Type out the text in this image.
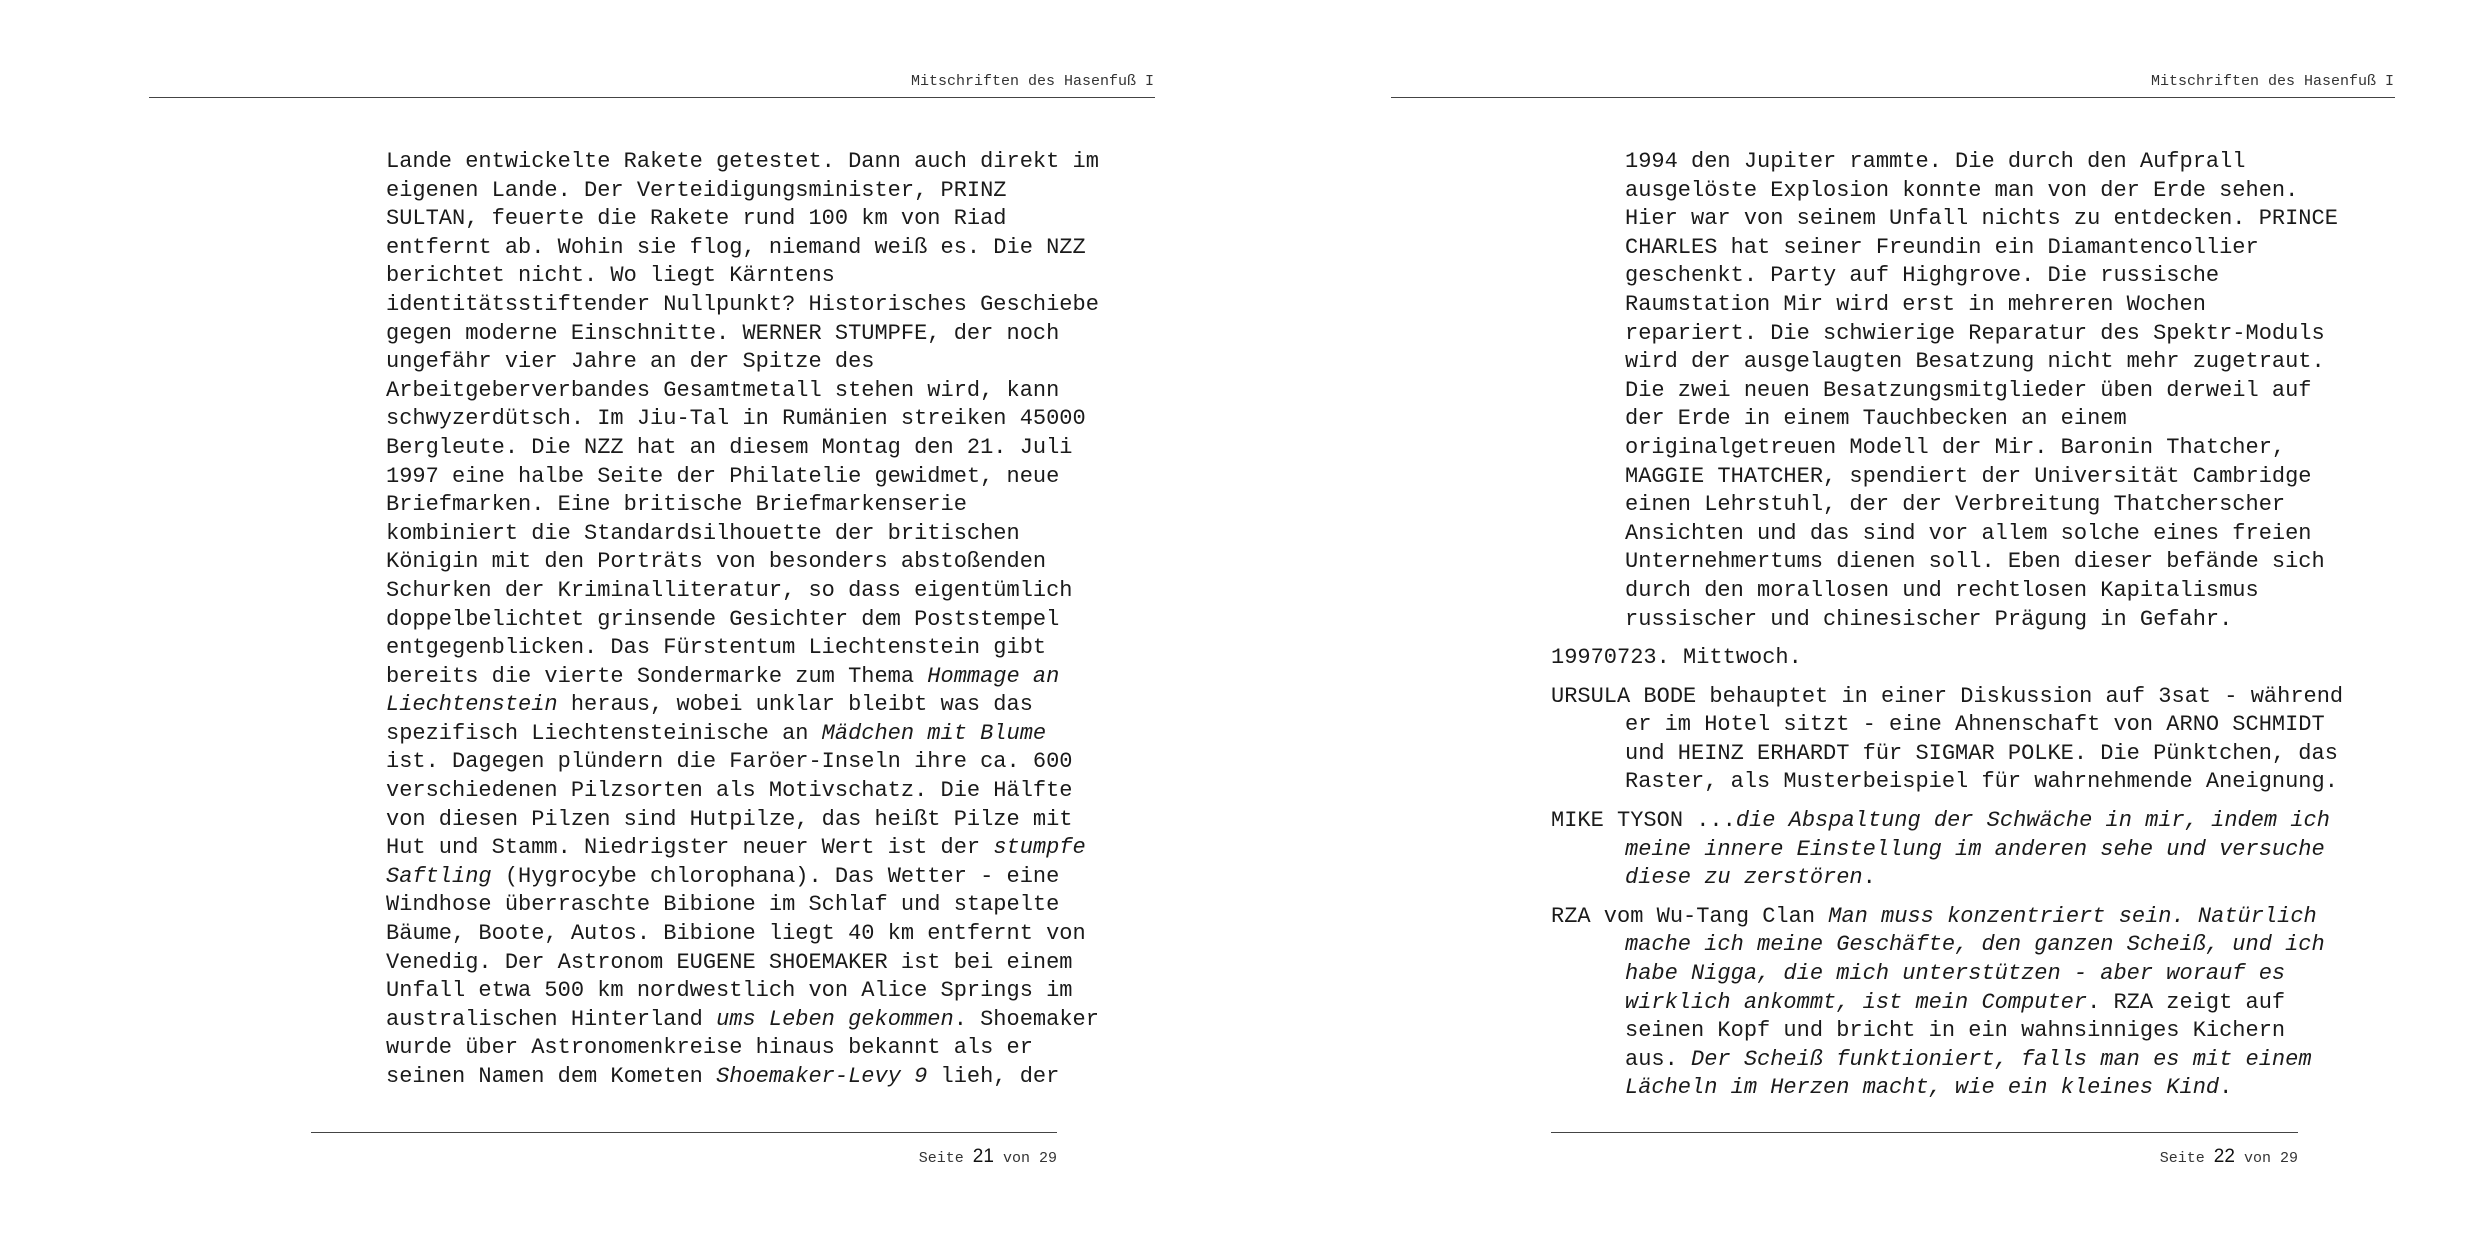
Mitschriften des Hasenfuß I
Lande entwickelte Rakete getestet. Dann auch direkt im
eigenen Lande. Der Verteidigungsminister, PRINZ
SULTAN, feuerte die Rakete rund 100 km von Riad
entfernt ab. Wohin sie flog, niemand weiß es. Die NZZ
berichtet nicht. Wo liegt Kärntens
identitätsstiftender Nullpunkt? Historisches Geschiebe
gegen moderne Einschnitte. WERNER STUMPFE, der noch
ungefähr vier Jahre an der Spitze des
Arbeitgeberverbandes Gesamtmetall stehen wird, kann
schwyzerdütsch. Im Jiu-Tal in Rumänien streiken 45000
Bergleute. Die NZZ hat an diesem Montag den 21. Juli
1997 eine halbe Seite der Philatelie gewidmet, neue
Briefmarken. Eine britische Briefmarkenserie
kombiniert die Standardsilhouette der britischen
Königin mit den Porträts von besonders abstoßenden
Schurken der Kriminalliteratur, so dass eigentümlich
doppelbelichtet grinsende Gesichter dem Poststempel
entgegenblicken. Das Fürstentum Liechtenstein gibt
bereits die vierte Sondermarke zum Thema Hommage an
Liechtenstein heraus, wobei unklar bleibt was das
spezifisch Liechtensteinische an Mädchen mit Blume
ist. Dagegen plündern die Faröer-Inseln ihre ca. 600
verschiedenen Pilzsorten als Motivschatz. Die Hälfte
von diesen Pilzen sind Hutpilze, das heißt Pilze mit
Hut und Stamm. Niedrigster neuer Wert ist der stumpfe
Saftling (Hygrocybe chlorophana). Das Wetter - eine
Windhose überraschte Bibione im Schlaf und stapelte
Bäume, Boote, Autos. Bibione liegt 40 km entfernt von
Venedig. Der Astronom EUGENE SHOEMAKER ist bei einem
Unfall etwa 500 km nordwestlich von Alice Springs im
australischen Hinterland ums Leben gekommen. Shoemaker
wurde über Astronomenkreise hinaus bekannt als er
seinen Namen dem Kometen Shoemaker-Levy 9 lieh, der
Seite 21 von 29
Mitschriften des Hasenfuß I
1994 den Jupiter rammte. Die durch den Aufprall
ausgelöste Explosion konnte man von der Erde sehen.
Hier war von seinem Unfall nichts zu entdecken. PRINCE
CHARLES hat seiner Freundin ein Diamantencollier
geschenkt. Party auf Highgrove. Die russische
Raumstation Mir wird erst in mehreren Wochen
repariert. Die schwierige Reparatur des Spektr-Moduls
wird der ausgelaugten Besatzung nicht mehr zugetraut.
Die zwei neuen Besatzungsmitglieder üben derweil auf
der Erde in einem Tauchbecken an einem
originalgetreuen Modell der Mir. Baronin Thatcher,
MAGGIE THATCHER, spendiert der Universität Cambridge
einen Lehrstuhl, der der Verbreitung Thatcherscher
Ansichten und das sind vor allem solche eines freien
Unternehmertums dienen soll. Eben dieser befände sich
durch den morallosen und rechtlosen Kapitalismus
russischer und chinesischer Prägung in Gefahr.
19970723. Mittwoch.
URSULA BODE behauptet in einer Diskussion auf 3sat - während
er im Hotel sitzt - eine Ahnenschaft von ARNO SCHMIDT
und HEINZ ERHARDT für SIGMAR POLKE. Die Pünktchen, das
Raster, als Musterbeispiel für wahrnehmende Aneignung.
MIKE TYSON ...die Abspaltung der Schwäche in mir, indem ich
meine innere Einstellung im anderen sehe und versuche
diese zu zerstören.
RZA vom Wu-Tang Clan Man muss konzentriert sein. Natürlich
mache ich meine Geschäfte, den ganzen Scheiß, und ich
habe Nigga, die mich unterstützen - aber worauf es
wirklich ankommt, ist mein Computer. RZA zeigt auf
seinen Kopf und bricht in ein wahnsinniges Kichern
aus. Der Scheiß funktioniert, falls man es mit einem
Lächeln im Herzen macht, wie ein kleines Kind.
Seite 22 von 29
